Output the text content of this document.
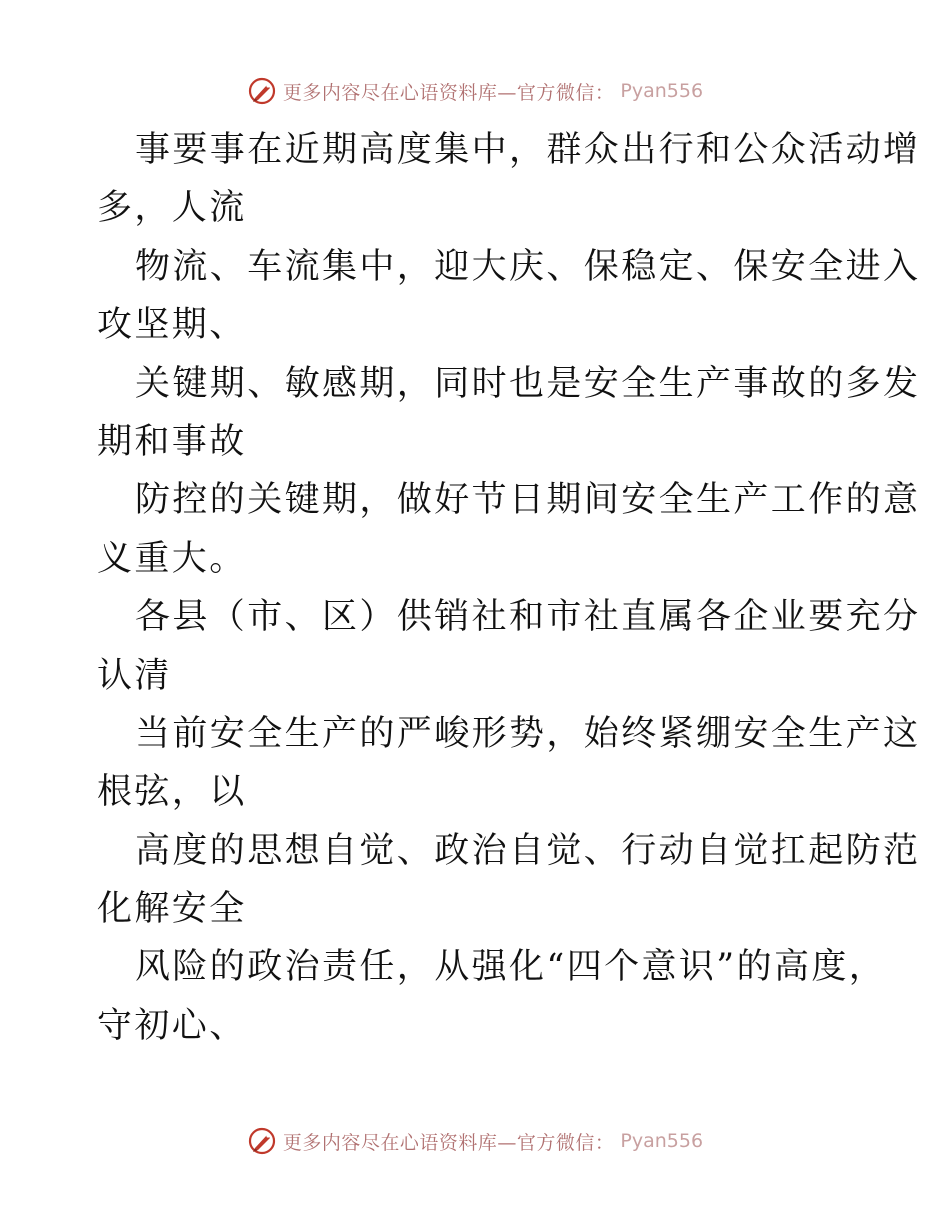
更多内容尽在心语资料库—官方微信： Pyan556
事要事在近期高度集中，群众出行和公众活动增
多，人流
物流、车流集中，迎大庆、保稳定、保安全进入
攻坚期、
关键期、敏感期，同时也是安全生产事故的多发
期和事故
防控的关键期，做好节日期间安全生产工作的意
义重大。
各县（市、区）供销社和市社直属各企业要充分
认清
当前安全生产的严峻形势，始终紧绷安全生产这
根弦，以
高度的思想自觉、政治自觉、行动自觉扛起防范
化解安全
风险的政治责任，从强化“四个意识”的高度，
守初心、
更多内容尽在心语资料库—官方微信： Pyan556
